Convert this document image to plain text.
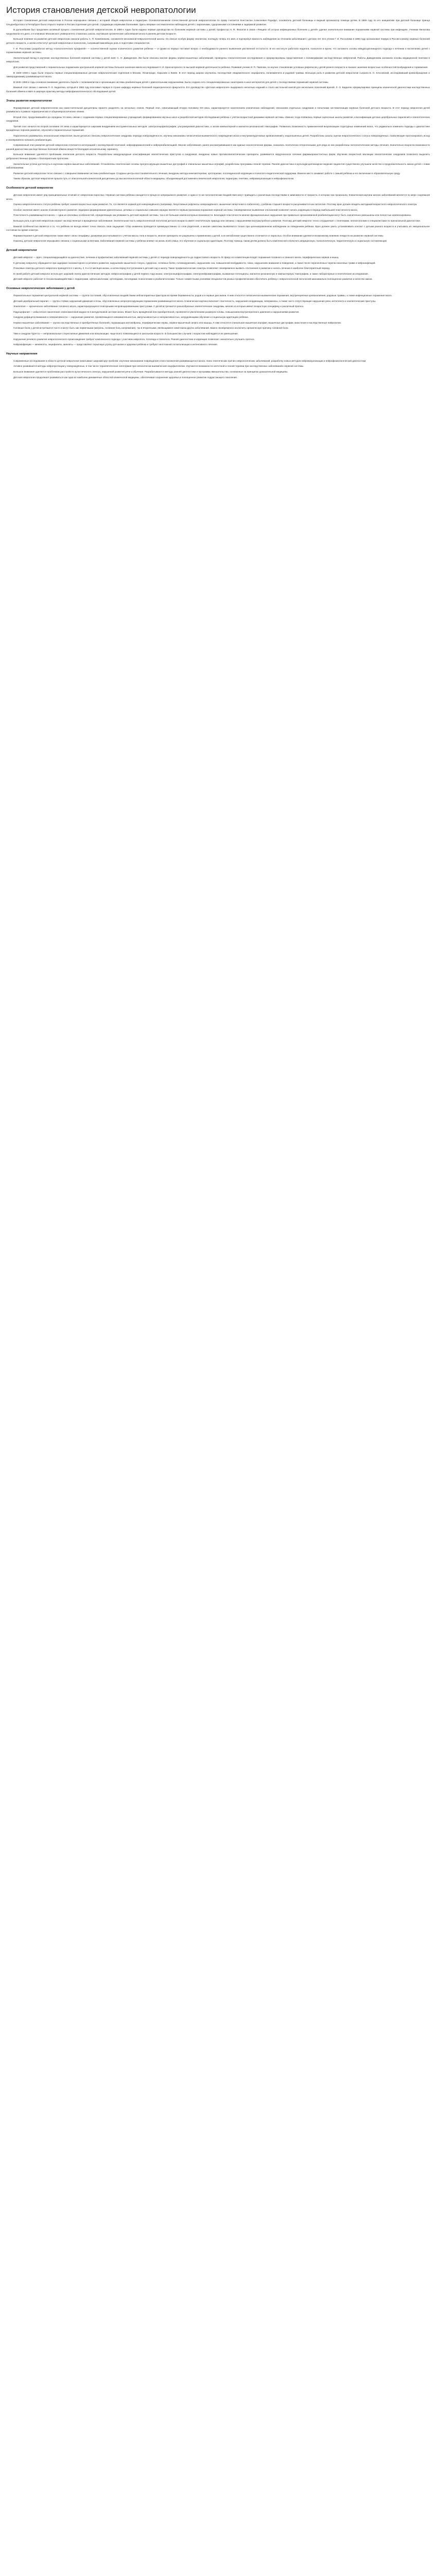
История становления детской невропатологии

История становления детской неврологии в России неразрывно связана с историей общей неврологии и педиатрии. Основоположником отечественной детской невропатологии по праву считается Константин Алексеевич Раухфус, основатель детской больницы и видный организатор помощи детям. В 1869 году по его инициативе при детской больнице принца Ольденбургского в Петербурге было открыто первое в России отделение для детей, страдающих нервными болезнями. Здесь впервые систематически наблюдали детей с параличами, судорожными состояниями и задержкой развития.

В дальнейшем был продолжен активный процесс становления детской невропатологии. В 1880-х годах были изданы первые руководства по болезням нервной системы у детей; профессор Н. Ф. Филатов в своих «Лекциях об острых инфекционных болезнях у детей» уделил значительное внимание поражениям нервной системы при инфекциях. Ученики Филатова продолжили его дело, и в клиниках Московского университета сложилась школа, изучавшая органические заболевания мозга в раннем детском возрасте.

Большое влияние на развитие детской неврологии оказали работы А. Я. Кожевникова, основателя московской неврологической школы. Он описал особую форму эпилепсии, носящую теперь его имя, и подчеркнул важность наблюдения за течением заболевания с детских лет. Его ученик Г. И. Россолимо в 1890 году организовал первую в России клинику нервных болезней детского возраста, а затем и Институт детской неврологии и психологии, сыгравший важнейшую роль в подготовке специалистов.

Г. И. Россолимо разработал метод «психологических профилей» — количественной оценки психического развития ребёнка — и одним из первых поставил вопрос о необходимости раннего выявления умственной отсталости. В его институте работали педагоги, психологи и врачи, что заложило основы междисциплинарного подхода к лечению и воспитанию детей с поражениями нервной системы.

Значительный вклад в изучение наследственных болезней нервной системы у детей внёс С. Н. Давиденков. Им были описаны многие формы нервно-мышечных заболеваний, проведены генеалогические исследования и сформулированы представления о полиморфизме наследственных нейропатий. Работы Давиденкова заложили основы медицинской генетики в неврологии.

Для развития представлений о перинатальных поражениях центральной нервной системы большое значение имели исследования Н. И. Красногорского по высшей нервной деятельности ребёнка. Развивая учение И. П. Павлова, он изучил становление условных рефлексов у детей разного возраста и показал значение возрастных особенностей возбуждения и торможения.

В 1920–1930-х годах были открыты первые специализированные детские неврологические отделения в Москве, Ленинграде, Харькове и Киеве. В этот период широко изучались последствия эпидемического энцефалита, полиомиелита и родовой травмы. Большую роль в развитии детской неврологии сыграла Б. Н. Клосовский, исследовавший кровообращение и ликвородинамику развивающегося мозга.

В 1940–1950-е годы основное внимание уделялось борьбе с полиомиелитом и организации системы реабилитации детей с двигательными нарушениями. Была создана сеть специализированных санаториев и школ-интернатов для детей с последствиями поражений нервной системы.

Важный этап связан с именем Л. О. Бадаляна, который в 1966 году возглавил первую в стране кафедру нервных болезней педиатрического факультета. Его руководство «Детская неврология» выдержало несколько изданий и стало настольной книгой для нескольких поколений врачей. Л. О. Бадалян сформулировал принципы клинической диагностики наследственных болезней обмена и ввёл в широкую практику методы нейрофизиологического обследования детей.

Этапы развития невропатологии

Формирование детской невропатологии как самостоятельной дисциплины принято разделять на несколько этапов. Первый этап, охватывающий вторую половину XIX века, характеризуется накоплением клинических наблюдений, описанием отдельных синдромов и попытками систематизации нервных болезней детского возраста. В этот период неврология детей развивалась в рамках педиатрических и общеневрологических клиник.

Второй этап, продолжавшийся до середины XX века, связан с созданием первых специализированных учреждений, формированием научных школ и разработкой методов обследования ребёнка с учётом возрастной динамики нервной системы. Именно тогда появились первые оценочные шкалы развития, классификации детских церебральных параличей и эпилептических синдромов.

Третий этап начался во второй половине XX века и характеризуется широким внедрением инструментальных методов: электроэнцефалографии, ультразвуковой диагностики, а затем компьютерной и магнитно-резонансной томографии. Появилась возможность прижизненной визуализации структурных изменений мозга, что радикально изменило подходы к диагностике врождённых пороков развития, опухолей и перинатальных поражений.

Параллельно развивалась неонатальная неврология. Были детально описаны неврологические синдромы периода новорождённости, изучены механизмы гипоксически-ишемического повреждения мозга и внутрижелудочковых кровоизлияний у недоношенных детей. Разработаны шкалы оценки неврологического статуса новорождённых, позволяющие прогнозировать исход и своевременно начинать реабилитацию.

Современный этап развития детской неврологии отличается интеграцией с молекулярной генетикой, нейрофармакологией и нейрореабилитацией. Многие заболевания, ранее рассматривавшиеся как единые нозологические формы, оказались генетически гетерогенными; для ряда из них разработаны патогенетические методы лечения. Значительно возросли возможности ранней диагностики наследственных болезней обмена веществ благодаря неонатальному скринингу.

Большое внимание уделяется проблемам эпилепсии детского возраста. Разработаны международные классификации эпилептических приступов и синдромов, внедрены новые противоэпилептические препараты, развивается хирургическое лечение фармакорезистентных форм. Изучение возрастной эволюции эпилептических синдромов позволило выделить доброкачественные формы с благоприятным прогнозом.

Значительные успехи достигнуты в изучении нервно-мышечных заболеваний. Установлены генетические основы прогрессирующих мышечных дистрофий и спинальных мышечных атрофий, разработаны программы генной терапии. Ранняя диагностика и мультидисциплинарное ведение пациентов существенно улучшили качество и продолжительность жизни детей с этими заболеваниями.

Развитие детской неврологии тесно связано с совершенствованием системы реабилитации. Созданы центры восстановительного лечения, внедрены методы кинезиотерапии, эрготерапии, логопедической коррекции и психолого-педагогической поддержки. Важное место занимает работа с семьёй ребёнка и его включение в образовательную среду.

Таким образом, детская неврология прошла путь от описательной клинической дисциплины до высокотехнологичной области медицины, объединяющей достижения клинической неврологии, педиатрии, генетики, нейровизуализации и нейрофизиологии.

Особенности детской неврологии

Детская неврология имеет ряд принципиальных отличий от неврологии взрослых. Нервная система ребёнка находится в процессе непрерывного развития, и одни и те же патологические воздействия могут приводить к различным последствиям в зависимости от возраста, в котором они произошли. Клиническая картина многих заболеваний меняется по мере созревания мозга.

Оценка неврологического статуса ребёнка требует знания возрастных норм развития. То, что является нормой для новорождённого (например, безусловные рефлексы новорождённого, мышечная гипертония в сгибателях), у ребёнка старшего возраста расценивается как патология. Поэтому врач должен владеть методикой возрастного неврологического осмотра.

Особое значение имеет анализ психомоторного развития. Задержка формирования двигательных, речевых и социальных навыков нередко является первым признаком поражения нервной системы. Своевременное выявление отклонений позволяет начать коррекцию в период наибольшей пластичности мозга.

Пластичность развивающегося мозга — одна из ключевых особенностей, определяющих как уязвимость детской нервной системы, так и её большие компенсаторные возможности. Благодаря пластичности многие функциональные нарушения при правильно организованной реабилитации могут быть значительно уменьшены или полностью компенсированы.

Большую роль в детской неврологии играют наследственные и врождённые заболевания. Значительная часть неврологической патологии детского возраста имеет генетическую природу или связана с нарушениями внутриутробного развития. Поэтому детский невролог тесно сотрудничает с генетиками, неонатологами и специалистами по пренатальной диагностике.

Важной особенностью является и то, что ребёнок не всегда может точно описать свои ощущения. Сбор анамнеза проводится преимущественно со слов родителей, а многие симптомы выявляются только при целенаправленном наблюдении за поведением ребёнка. Врач должен уметь устанавливать контакт с детьми разного возраста и учитывать их эмоциональное состояние во время осмотра.

Фармакотерапия в детской неврологии также имеет свою специфику: дозировки рассчитываются с учётом массы тела и возраста, многие препараты не разрешены к применению у детей, а их метаболизм существенно отличается от взрослых. Особое внимание уделяется возможному влиянию лекарств на развитие нервной системы.

Наконец, детская неврология неразрывно связана с социальными аспектами. Заболевания нервной системы у ребёнка влияют на жизнь всей семьи, его обучение и социальную адаптацию. Поэтому помощь таким детям должна быть комплексной и включать медицинскую, психологическую, педагогическую и социальную составляющие.

Детский невропатолог

Детский невролог — врач, специализирующийся на диагностике, лечении и профилактике заболеваний нервной системы у детей от периода новорождённости до подросткового возраста. В сферу его компетенции входят поражения головного и спинного мозга, периферических нервов и мышц.

К детскому неврологу обращаются при задержке психомоторного и речевого развития, нарушениях мышечного тонуса, судорогах, головных болях, головокружениях, нарушениях сна, повышенной возбудимости, тиках, нарушениях внимания и поведения, а также после перенесённых черепно-мозговых травм и нейроинфекций.

Плановые осмотры детского невролога проводятся в 1 месяц, 3, 6 и 12 месяцев жизни, а затем перед поступлением в детский сад и школу. Такие профилактические осмотры позволяют своевременно выявить отклонения в развитии и начать лечение в наиболее благоприятный период.

В своей работе детский невролог использует широкий спектр диагностических методов: нейросонографию у детей первого года жизни, электроэнцефалографию, электронейромиографию, вызванные потенциалы, магнитно-резонансную и компьютерную томографию, а также лабораторные и генетические исследования.

Детский невролог работает в тесном взаимодействии с педиатрами, офтальмологами, ортопедами, логопедами, психологами и реабилитологами. Только совместными усилиями специалистов разных профилей можно обеспечить ребёнку с неврологической патологией максимально полноценное развитие и качество жизни.

Основные неврологические заболевания у детей

Перинатальные поражения центральной нервной системы — группа состояний, обусловленных воздействием неблагоприятных факторов во время беременности, родов и в первые дни жизни. К ним относятся гипоксически-ишемические поражения, внутричерепные кровоизлияния, родовые травмы, а также инфекционные поражения мозга.

Детский церебральный паралич — группа стойких нарушений движения и позы, обусловленных непрогрессирующим поражением развивающегося мозга. Клиническая картина включает спастичность, нарушения координации, гиперкинезы, а также часто сопутствующие нарушения речи, интеллекта и эпилептические приступы.

Эпилепсия — хроническое заболевание головного мозга, характеризующееся повторными непровоцированными приступами. У детей встречаются разнообразные эпилептические синдромы, многие из которых имеют возрастную специфику и различный прогноз.

Гидроцефалия — избыточное накопление спинномозговой жидкости в желудочковой системе мозга. Может быть врождённой или приобретённой, проявляется увеличением размеров головы, повышением внутричерепного давления и нарушениями развития.

Синдром дефицита внимания и гиперактивности — нарушение развития, проявляющееся невнимательностью, импульсивностью и гиперактивностью, затрудняющими обучение и социальную адаптацию ребёнка.

Нервно-мышечные заболевания — группа наследственных и приобретённых болезней, поражающих мотонейроны, периферические нервы, нервно-мышечный синапс или мышцы. К ним относятся спинальная мышечная атрофия, мышечные дистрофии, миастения и наследственные нейропатии.

Головные боли у детей встречаются часто и могут быть как первичными (мигрень, головная боль напряжения), так и вторичными, являющимися симптомом других заболеваний. Важно своевременно исключить органическую причину головной боли.

Тики и синдром Туретта — непроизвольные стереотипные движения или вокализации, чаще всего появляющиеся в школьном возрасте. В большинстве случаев с возрастом наблюдается их уменьшение.

Нарушения речевого развития неврологического происхождения требуют комплексного подхода с участием невролога, логопеда и психолога. Ранняя диагностика и коррекция позволяют значительно улучшить прогноз.

Нейроинфекции — менингиты, энцефалиты, миелиты — представляют серьёзную угрозу для жизни и здоровья ребёнка и требуют неотложной госпитализации и интенсивного лечения.

Научные направления

Современные исследования в области детской неврологии охватывают широкий круг проблем: изучение механизмов повреждения и восстановления развивающегося мозга, поиск генетических причин неврологических заболеваний, разработку новых методов нейровизуализации и нейрофизиологической диагностики.

Активно развиваются методы нейропротекции у новорождённых, в том числе терапевтическая гипотермия при гипоксически-ишемической энцефалопатии. Изучаются возможности клеточной и генной терапии при наследственных заболеваниях нервной системы.

Большое внимание уделяется проблемам расстройств аутистического спектра, нарушений развития речи и обучения. Разрабатываются методы ранней диагностики и программы вмешательства, основанные на принципах доказательной медицины.

Детская неврология продолжает развиваться как одна из наиболее динамичных областей клинической медицины, обеспечивая сохранение здоровья и полноценное развитие подрастающего поколения.
